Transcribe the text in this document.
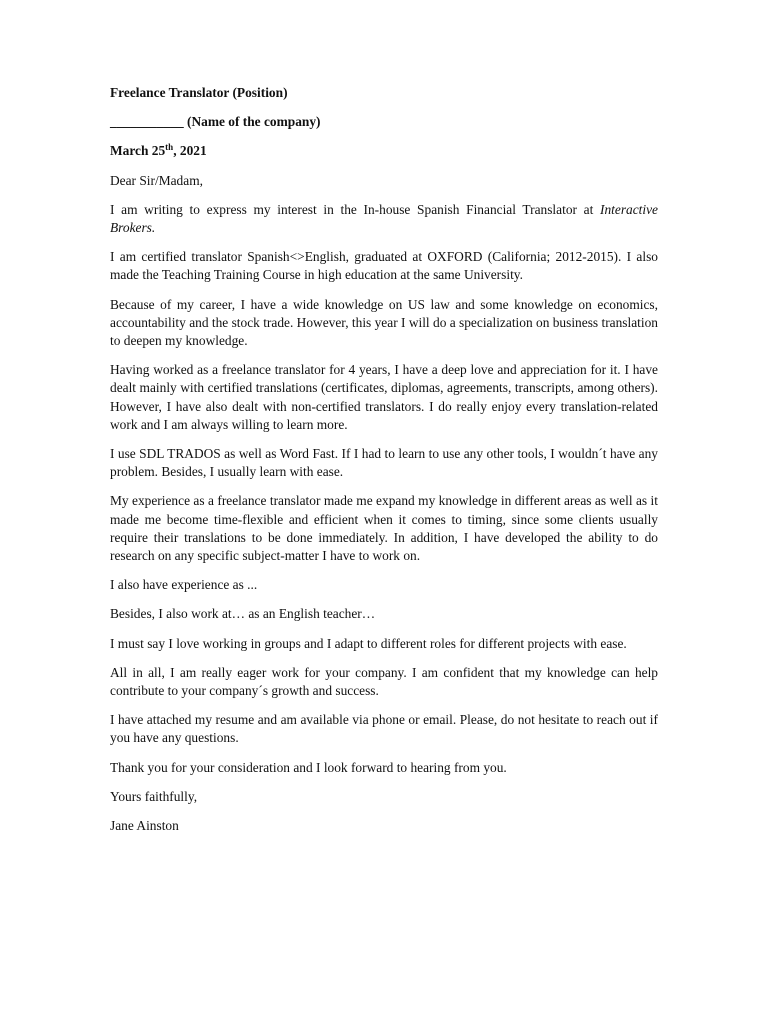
Freelance Translator (Position)

___________ (Name of the company)

March 25th, 2021

Dear Sir/Madam,

I am writing to express my interest in the In-house Spanish Financial Translator at Interactive Brokers.

I am certified translator Spanish<>English, graduated at OXFORD (California; 2012-2015). I also made the Teaching Training Course in high education at the same University.

Because of my career, I have a wide knowledge on US law and some knowledge on economics, accountability and the stock trade. However, this year I will do a specialization on business translation to deepen my knowledge.

Having worked as a freelance translator for 4 years, I have a deep love and appreciation for it. I have dealt mainly with certified translations (certificates, diplomas, agreements, transcripts, among others). However, I have also dealt with non-certified translators. I do really enjoy every translation-related work and I am always willing to learn more.

I use SDL TRADOS as well as Word Fast. If I had to learn to use any other tools, I wouldn´t have any problem. Besides, I usually learn with ease.

My experience as a freelance translator made me expand my knowledge in different areas as well as it made me become time-flexible and efficient when it comes to timing, since some clients usually require their translations to be done immediately. In addition, I have developed the ability to do research on any specific subject-matter I have to work on.

I also have experience as ...

Besides, I also work at… as an English teacher…

I must say I love working in groups and I adapt to different roles for different projects with ease.

All in all, I am really eager work for your company. I am confident that my knowledge can help contribute to your company´s growth and success.

I have attached my resume and am available via phone or email. Please, do not hesitate to reach out if you have any questions.

Thank you for your consideration and I look forward to hearing from you.

Yours faithfully,

Jane Ainston
